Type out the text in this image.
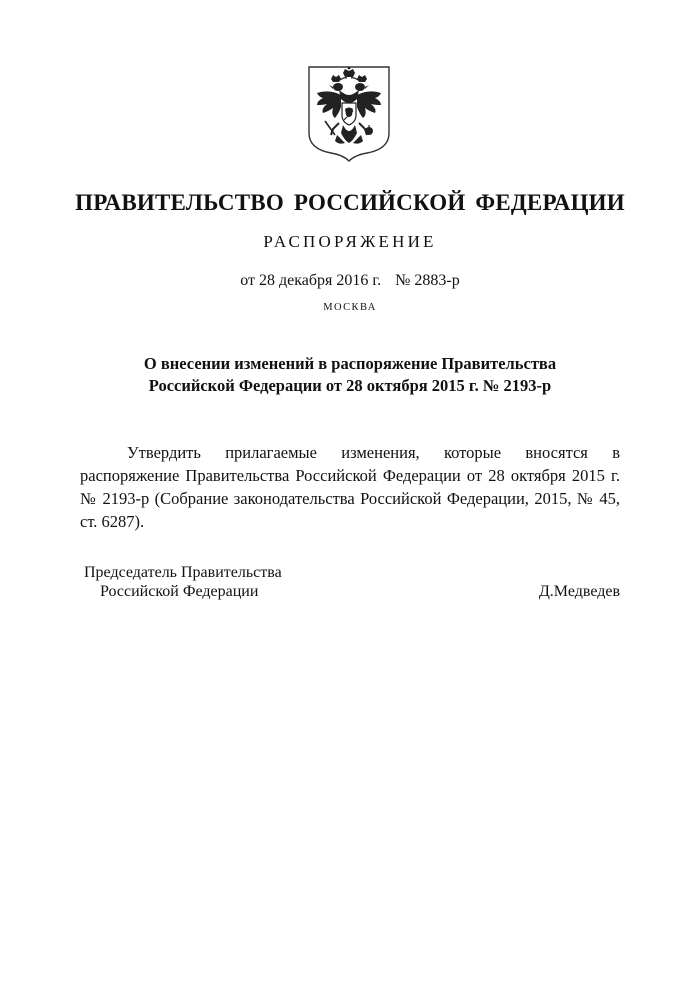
ПРАВИТЕЛЬСТВО РОССИЙСКОЙ ФЕДЕРАЦИИ
РАСПОРЯЖЕНИЕ
от 28 декабря 2016 г. № 2883-р
МОСКВА
О внесении изменений в распоряжение Правительства
Российской Федерации от 28 октября 2015 г. № 2193-р
Утвердить прилагаемые изменения, которые вносятся в распоряжение Правительства Российской Федерации от 28 октября 2015 г. № 2193-р (Собрание законодательства Российской Федерации, 2015, № 45, ст. 6287).
Председатель Правительства
Российской Федерации	Д.Медведев
